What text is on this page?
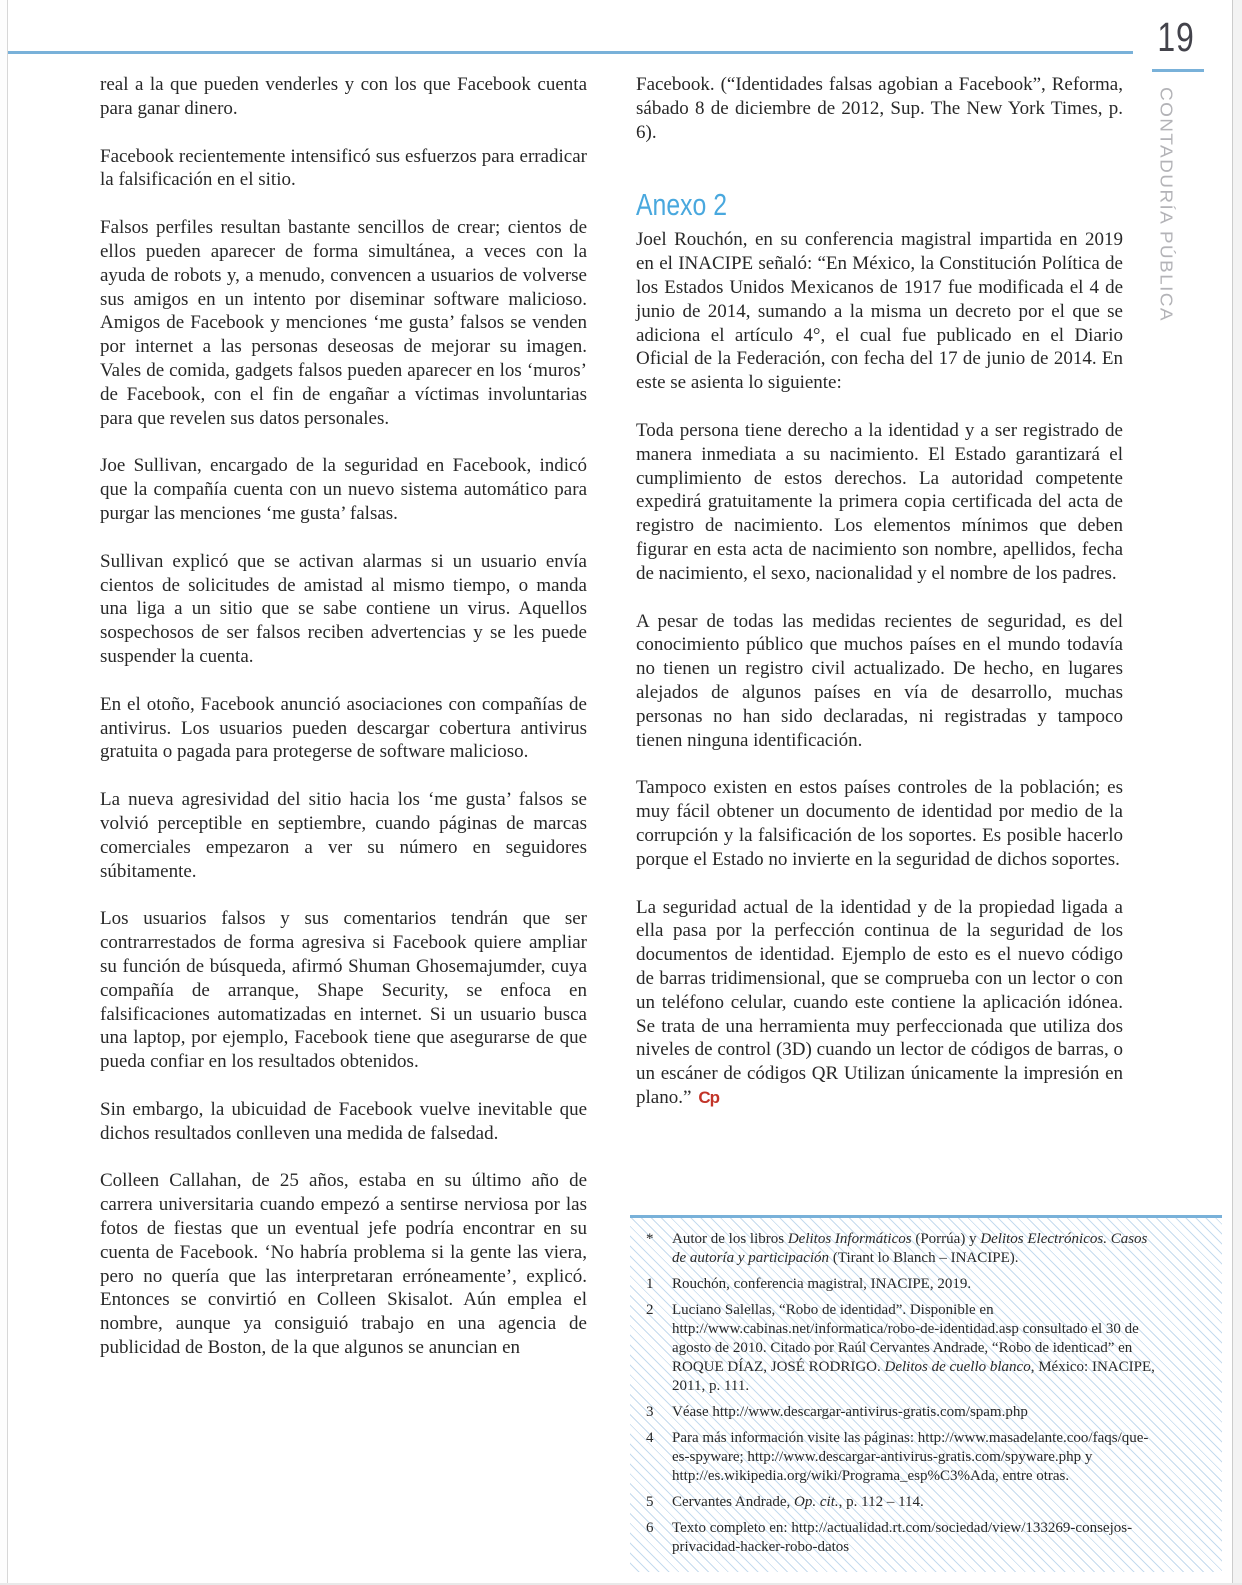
19
CONTADURÍA PÚBLICA

real a la que pueden venderles y con los que Facebook cuenta para ganar dinero.

Facebook recientemente intensificó sus esfuerzos para erradicar la falsificación en el sitio.

Falsos perfiles resultan bastante sencillos de crear; cientos de ellos pueden aparecer de forma simultánea, a veces con la ayuda de robots y, a menudo, convencen a usuarios de volverse sus amigos en un intento por diseminar software malicioso. Amigos de Facebook y menciones ‘me gusta’ falsos se venden por internet a las personas deseosas de mejorar su imagen. Vales de comida, gadgets falsos pueden aparecer en los ‘muros’ de Facebook, con el fin de engañar a víctimas involuntarias para que revelen sus datos personales.

Joe Sullivan, encargado de la seguridad en Facebook, indicó que la compañía cuenta con un nuevo sistema automático para purgar las menciones ‘me gusta’ falsas.

Sullivan explicó que se activan alarmas si un usuario envía cientos de solicitudes de amistad al mismo tiempo, o manda una liga a un sitio que se sabe contiene un virus. Aquellos sospechosos de ser falsos reciben advertencias y se les puede suspender la cuenta.

En el otoño, Facebook anunció asociaciones con compañías de antivirus. Los usuarios pueden descargar cobertura antivirus gratuita o pagada para protegerse de software malicioso.

La nueva agresividad del sitio hacia los ‘me gusta’ falsos se volvió perceptible en septiembre, cuando páginas de marcas comerciales empezaron a ver su número en seguidores súbitamente.

Los usuarios falsos y sus comentarios tendrán que ser contrarrestados de forma agresiva si Facebook quiere ampliar su función de búsqueda, afirmó Shuman Ghosemajumder, cuya compañía de arranque, Shape Security, se enfoca en falsificaciones automatizadas en internet. Si un usuario busca una laptop, por ejemplo, Facebook tiene que asegurarse de que pueda confiar en los resultados obtenidos.

Sin embargo, la ubicuidad de Facebook vuelve inevitable que dichos resultados conlleven una medida de falsedad.

Colleen Callahan, de 25 años, estaba en su último año de carrera universitaria cuando empezó a sentirse nerviosa por las fotos de fiestas que un eventual jefe podría encontrar en su cuenta de Facebook. ‘No habría problema si la gente las viera, pero no quería que las interpretaran erróneamente’, explicó. Entonces se convirtió en Colleen Skisalot. Aún emplea el nombre, aunque ya consiguió trabajo en una agencia de publicidad de Boston, de la que algunos se anuncian en

Facebook. (“Identidades falsas agobian a Facebook”, Reforma, sábado 8 de diciembre de 2012, Sup. The New York Times, p. 6).

Anexo 2

Joel Rouchón, en su conferencia magistral impartida en 2019 en el INACIPE señaló: “En México, la Constitución Política de los Estados Unidos Mexicanos de 1917 fue modificada el 4 de junio de 2014, sumando a la misma un decreto por el que se adiciona el artículo 4°, el cual fue publicado en el Diario Oficial de la Federación, con fecha del 17 de junio de 2014. En este se asienta lo siguiente:

Toda persona tiene derecho a la identidad y a ser registrado de manera inmediata a su nacimiento. El Estado garantizará el cumplimiento de estos derechos. La autoridad competente expedirá gratuitamente la primera copia certificada del acta de registro de nacimiento. Los elementos mínimos que deben figurar en esta acta de nacimiento son nombre, apellidos, fecha de nacimiento, el sexo, nacionalidad y el nombre de los padres.

A pesar de todas las medidas recientes de seguridad, es del conocimiento público que muchos países en el mundo todavía no tienen un registro civil actualizado. De hecho, en lugares alejados de algunos países en vía de desarrollo, muchas personas no han sido declaradas, ni registradas y tampoco tienen ninguna identificación.

Tampoco existen en estos países controles de la población; es muy fácil obtener un documento de identidad por medio de la corrupción y la falsificación de los soportes. Es posible hacerlo porque el Estado no invierte en la seguridad de dichos soportes.

La seguridad actual de la identidad y de la propiedad ligada a ella pasa por la perfección continua de la seguridad de los documentos de identidad. Ejemplo de esto es el nuevo código de barras tridimensional, que se comprueba con un lector o con un teléfono celular, cuando este contiene la aplicación idónea. Se trata de una herramienta muy perfeccionada que utiliza dos niveles de control (3D) cuando un lector de códigos de barras, o un escáner de códigos QR Utilizan únicamente la impresión en plano.” Cp

*	Autor de los libros Delitos Informáticos (Porrúa) y Delitos Electrónicos. Casos de autoría y participación (Tirant lo Blanch – INACIPE).
1	Rouchón, conferencia magistral, INACIPE, 2019.
2	Luciano Salellas, “Robo de identidad”. Disponible en http://www.cabinas.net/informatica/robo-de-identidad.asp consultado el 30 de agosto de 2010. Citado por Raúl Cervantes Andrade, “Robo de identicad” en ROQUE DÍAZ, JOSÉ RODRIGO. Delitos de cuello blanco, México: INACIPE, 2011, p. 111.
3	Véase http://www.descargar-antivirus-gratis.com/spam.php
4	Para más información visite las páginas: http://www.masadelante.coo/faqs/que-es-spyware; http://www.descargar-antivirus-gratis.com/spyware.php y http://es.wikipedia.org/wiki/Programa_esp%C3%Ada, entre otras.
5	Cervantes Andrade, Op. cit., p. 112 – 114.
6	Texto completo en: http://actualidad.rt.com/sociedad/view/133269-consejos-privacidad-hacker-robo-datos
